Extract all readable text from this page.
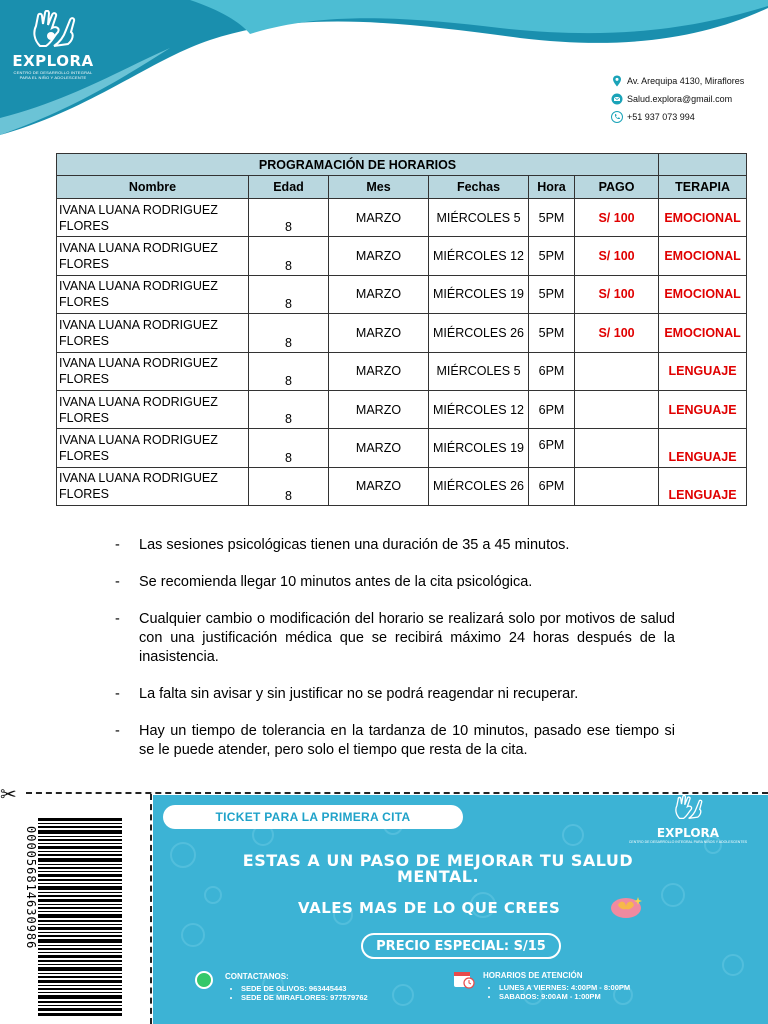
EXPLORA
CENTRO DE DESARROLLO INTEGRAL PARA EL NIÑO Y ADOLESCENTE	Av. Arequipa 4130, Miraflores
Salud.explora@gmail.com
+51 937 073 994
PROGRAMACIÓN DE HORARIOS						
Nombre	Edad	Mes	Fechas	Hora	PAGO	TERAPIA
IVANA LUANA RODRIGUEZ FLORES	8	MARZO	MIÉRCOLES 5	5PM	S/ 100	EMOCIONAL
IVANA LUANA RODRIGUEZ FLORES	8	MARZO	MIÉRCOLES 12	5PM	S/ 100	EMOCIONAL
IVANA LUANA RODRIGUEZ FLORES	8	MARZO	MIÉRCOLES 19	5PM	S/ 100	EMOCIONAL
IVANA LUANA RODRIGUEZ FLORES	8	MARZO	MIÉRCOLES 26	5PM	S/ 100	EMOCIONAL
IVANA LUANA RODRIGUEZ FLORES	8	MARZO	MIÉRCOLES 5	6PM		LENGUAJE
IVANA LUANA RODRIGUEZ FLORES	8	MARZO	MIÉRCOLES 12	6PM		LENGUAJE
IVANA LUANA RODRIGUEZ FLORES	8	MARZO	MIÉRCOLES 19	6PM		LENGUAJE
IVANA LUANA RODRIGUEZ FLORES	8	MARZO	MIÉRCOLES 26	6PM		LENGUAJE
- Las sesiones psicológicas tienen una duración de 35 a 45 minutos.
- Se recomienda llegar 10 minutos antes de la cita psicológica.
- Cualquier cambio o modificación del horario se realizará solo por motivos de salud con una justificación médica que se recibirá máximo 24 horas después de la inasistencia.
- La falta sin avisar y sin justificar no se podrá reagendar ni recuperar.
- Hay un tiempo de tolerancia en la tardanza de 10 minutos, pasado ese tiempo si se le puede atender, pero solo el tiempo que resta de la cita.
✂
0000568146309​86
TICKET PARA LA PRIMERA CITA
EXPLORA
CENTRO DE DESARROLLO INTEGRAL PARA NIÑOS Y ADOLESCENTES
ESTAS A UN PASO DE MEJORAR TU SALUD MENTAL.
VALES MAS DE LO QUE CREES
PRECIO ESPECIAL: S/15
CONTACTANOS:
• SEDE DE OLIVOS: 963445443
• SEDE DE MIRAFLORES: 977579762
HORARIOS DE ATENCIÓN
• LUNES A VIERNES: 4:00PM - 8:00PM
• SABADOS: 9:00AM - 1:00PM
